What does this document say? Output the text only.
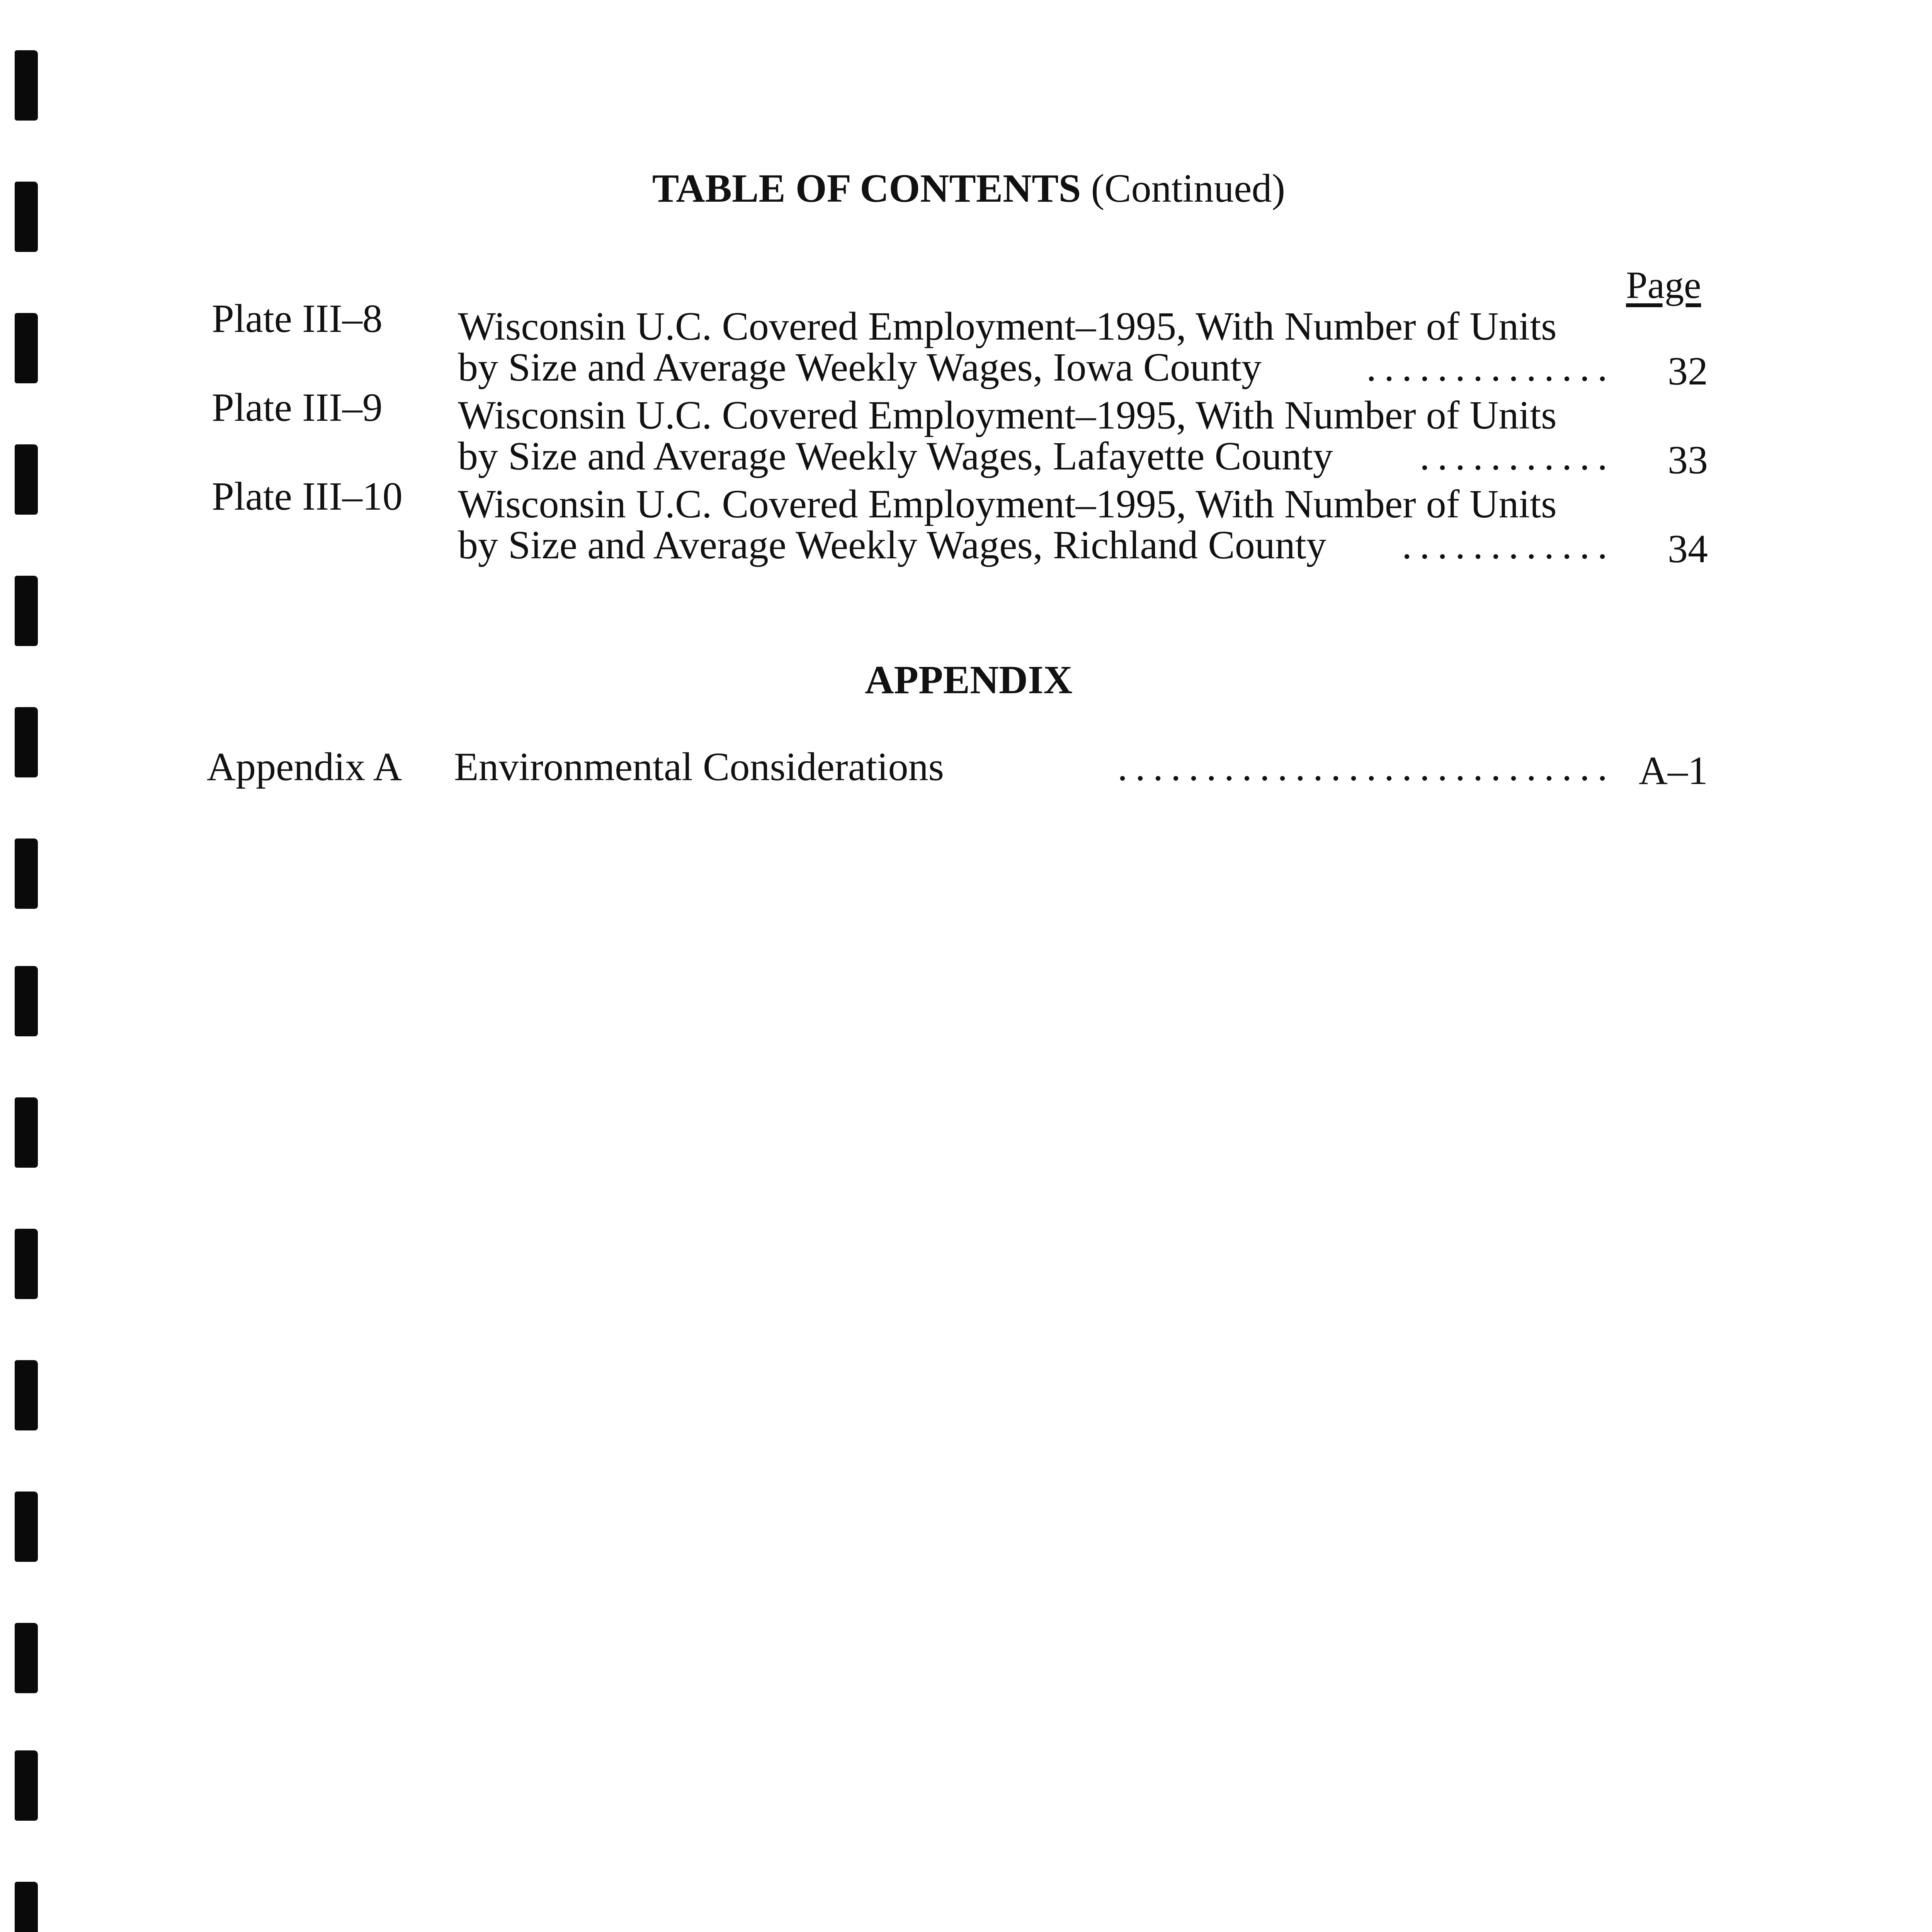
TABLE OF CONTENTS (Continued)
Page
Plate III–8 Wisconsin U.C. Covered Employment–1995, With Number of Units
by Size and Average Weekly Wages, Iowa County	..............	32
Plate III–9 Wisconsin U.C. Covered Employment–1995, With Number of Units
by Size and Average Weekly Wages, Lafayette County	...........	33
Plate III–10 Wisconsin U.C. Covered Employment–1995, With Number of Units
by Size and Average Weekly Wages, Richland County	............	34
APPENDIX
Appendix A Environmental Considerations	............................ A–1
